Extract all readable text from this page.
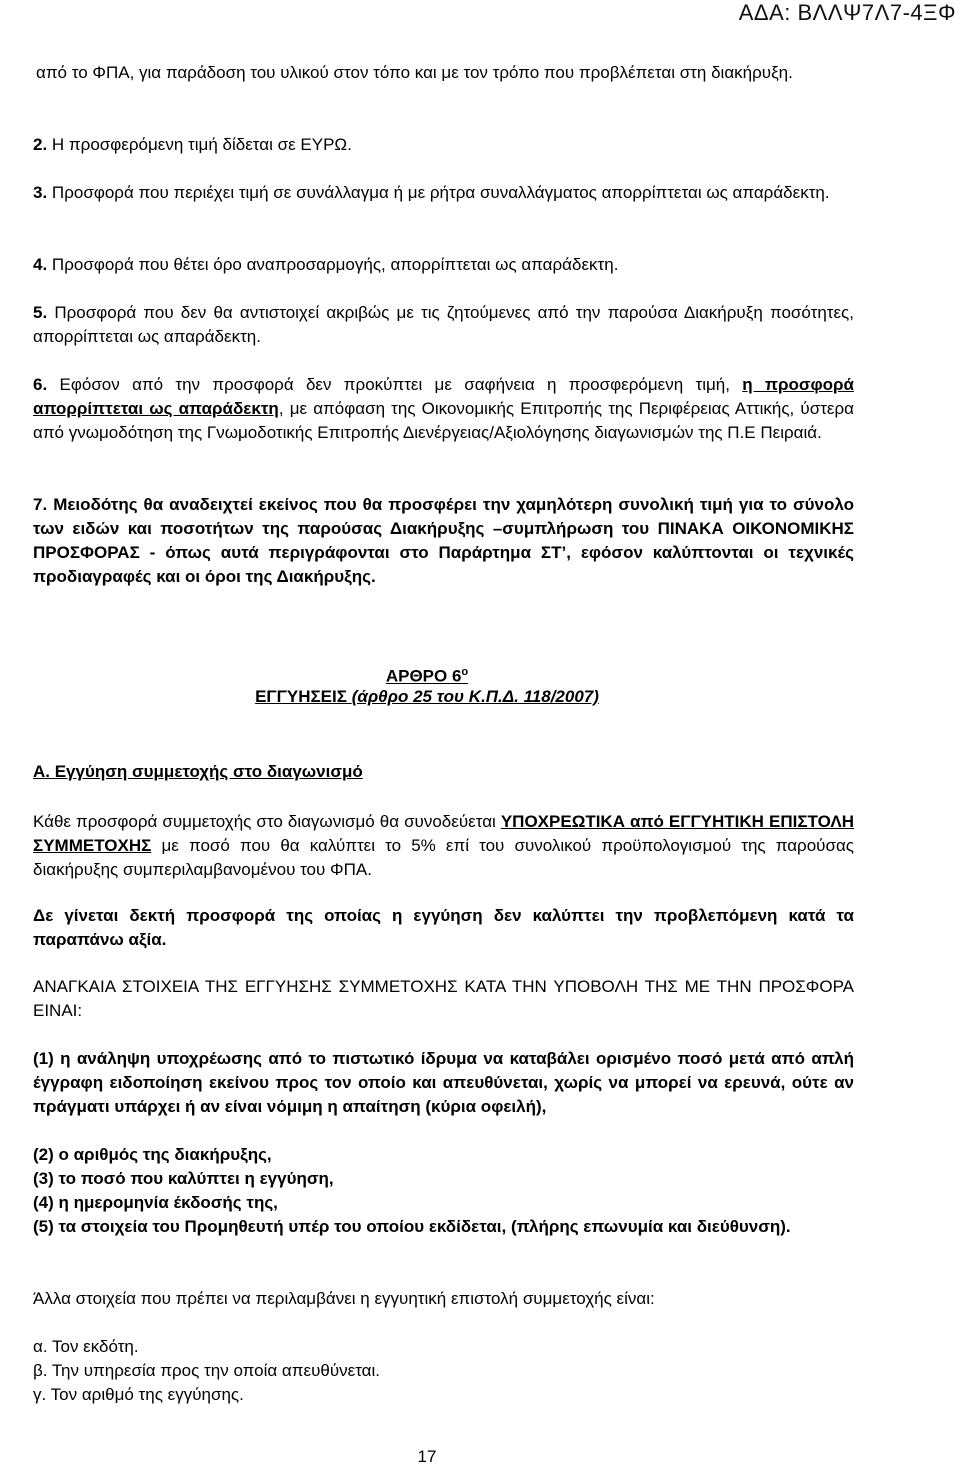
ΑΔΑ: ΒΛΛΨ7Λ7-4ΞΦ

από το ΦΠΑ, για παράδοση του υλικού στον τόπο και με τον τρόπο που προβλέπεται στη διακήρυξη.

2. Η προσφερόμενη τιμή δίδεται σε ΕΥΡΩ.

3. Προσφορά που περιέχει τιμή σε συνάλλαγμα ή με ρήτρα συναλλάγματος απορρίπτεται ως απαράδεκτη.

4. Προσφορά που θέτει όρο αναπροσαρμογής, απορρίπτεται ως απαράδεκτη.

5. Προσφορά που δεν θα αντιστοιχεί ακριβώς με τις ζητούμενες από την παρούσα Διακήρυξη ποσότητες, απορρίπτεται ως απαράδεκτη.

6. Εφόσον από την προσφορά δεν προκύπτει με σαφήνεια η προσφερόμενη τιμή, η προσφορά απορρίπτεται ως απαράδεκτη, με απόφαση της Οικονομικής Επιτροπής της Περιφέρειας Αττικής, ύστερα από γνωμοδότηση της Γνωμοδοτικής Επιτροπής Διενέργειας/Αξιολόγησης διαγωνισμών της Π.Ε Πειραιά.

7. Μειοδότης θα αναδειχτεί εκείνος που θα προσφέρει την χαμηλότερη συνολική τιμή για το σύνολο των ειδών και ποσοτήτων της παρούσας Διακήρυξης –συμπλήρωση του ΠΙΝΑΚΑ ΟΙΚΟΝΟΜΙΚΗΣ ΠΡΟΣΦΟΡΑΣ - όπως αυτά περιγράφονται στο Παράρτημα ΣΤ’, εφόσον καλύπτονται οι τεχνικές προδιαγραφές και οι όροι της Διακήρυξης.

ΑΡΘΡΟ $6^o$
ΕΓΓΥΗΣΕΙΣ (άρθρο 25 του Κ.Π.Δ. 118/2007)

Α. Εγγύηση συμμετοχής στο διαγωνισμό

Κάθε προσφορά συμμετοχής στο διαγωνισμό θα συνοδεύεται ΥΠΟΧΡΕΩΤΙΚΑ από ΕΓΓΥΗΤΙΚΗ ΕΠΙΣΤΟΛΗ ΣΥΜΜΕΤΟΧΗΣ με ποσό που θα καλύπτει το 5% επί του συνολικού προϋπολογισμού της παρούσας διακήρυξης συμπεριλαμβανομένου του ΦΠΑ.

Δε γίνεται δεκτή προσφορά της οποίας η εγγύηση δεν καλύπτει την προβλεπόμενη κατά τα παραπάνω αξία.

ΑΝΑΓΚΑΙΑ ΣΤΟΙΧΕΙΑ ΤΗΣ ΕΓΓΥΗΣΗΣ ΣΥΜΜΕΤΟΧΗΣ ΚΑΤΑ ΤΗΝ ΥΠΟΒΟΛΗ ΤΗΣ ΜΕ ΤΗΝ ΠΡΟΣΦΟΡΑ ΕΙΝΑΙ:

(1) η ανάληψη υποχρέωσης από το πιστωτικό ίδρυμα να καταβάλει ορισμένο ποσό μετά από απλή έγγραφη ειδοποίηση εκείνου προς τον οποίο και απευθύνεται, χωρίς να μπορεί να ερευνά, ούτε αν πράγματι υπάρχει ή αν είναι νόμιμη η απαίτηση (κύρια οφειλή),

(2) ο αριθμός της διακήρυξης,

(3) το ποσό που καλύπτει η εγγύηση,

(4) η ημερομηνία έκδοσής της,

(5) τα στοιχεία του Προμηθευτή υπέρ του οποίου εκδίδεται, (πλήρης επωνυμία και διεύθυνση).

Άλλα στοιχεία που πρέπει να περιλαμβάνει η εγγυητική επιστολή συμμετοχής είναι:

α. Τον εκδότη.

β. Την υπηρεσία προς την οποία απευθύνεται.

γ. Τον αριθμό της εγγύησης.

17
